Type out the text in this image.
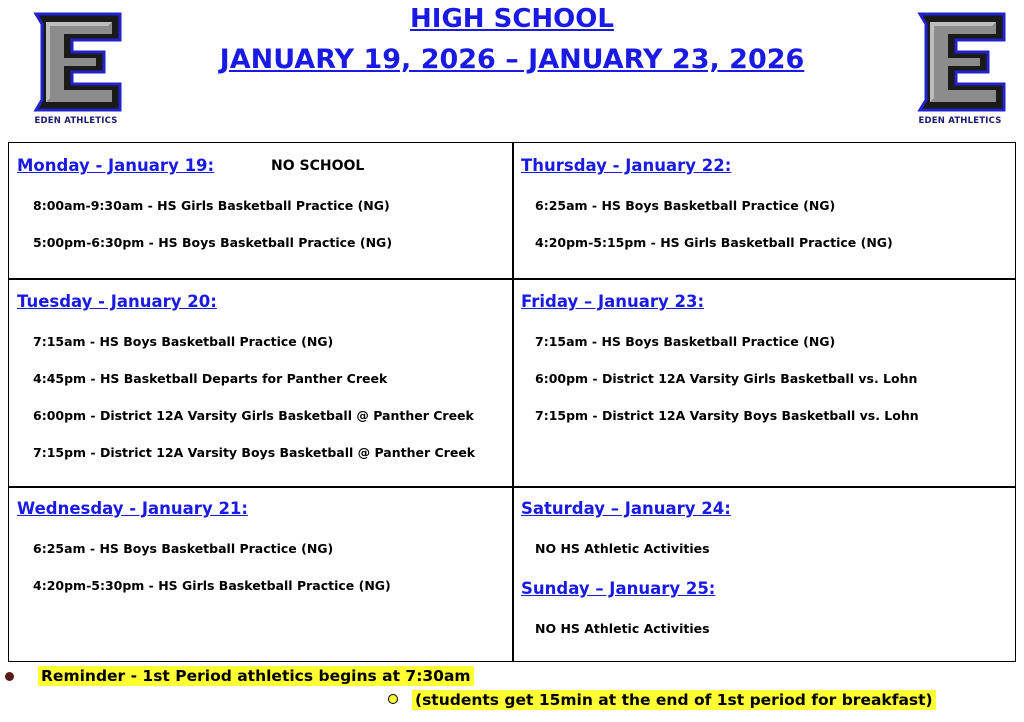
EDEN ATHLETICS	EDEN ATHLETICS
HIGH SCHOOL
JANUARY 19, 2026 – JANUARY 23, 2026
Monday - January 19:	NO SCHOOL
8:00am-9:30am - HS Girls Basketball Practice (NG)
5:00pm-6:30pm - HS Boys Basketball Practice (NG)
Thursday - January 22:
6:25am - HS Boys Basketball Practice (NG)
4:20pm-5:15pm - HS Girls Basketball Practice (NG)
Tuesday - January 20:
7:15am - HS Boys Basketball Practice (NG)
4:45pm - HS Basketball Departs for Panther Creek
6:00pm - District 12A Varsity Girls Basketball @ Panther Creek
7:15pm - District 12A Varsity Boys Basketball @ Panther Creek
Friday – January 23:
7:15am - HS Boys Basketball Practice (NG)
6:00pm - District 12A Varsity Girls Basketball vs. Lohn
7:15pm - District 12A Varsity Boys Basketball vs. Lohn
Wednesday - January 21:
6:25am - HS Boys Basketball Practice (NG)
4:20pm-5:30pm - HS Girls Basketball Practice (NG)
Saturday – January 24:
NO HS Athletic Activities
Sunday – January 25:
NO HS Athletic Activities
Reminder - 1st Period athletics begins at 7:30am
(students get 15min at the end of 1st period for breakfast)
